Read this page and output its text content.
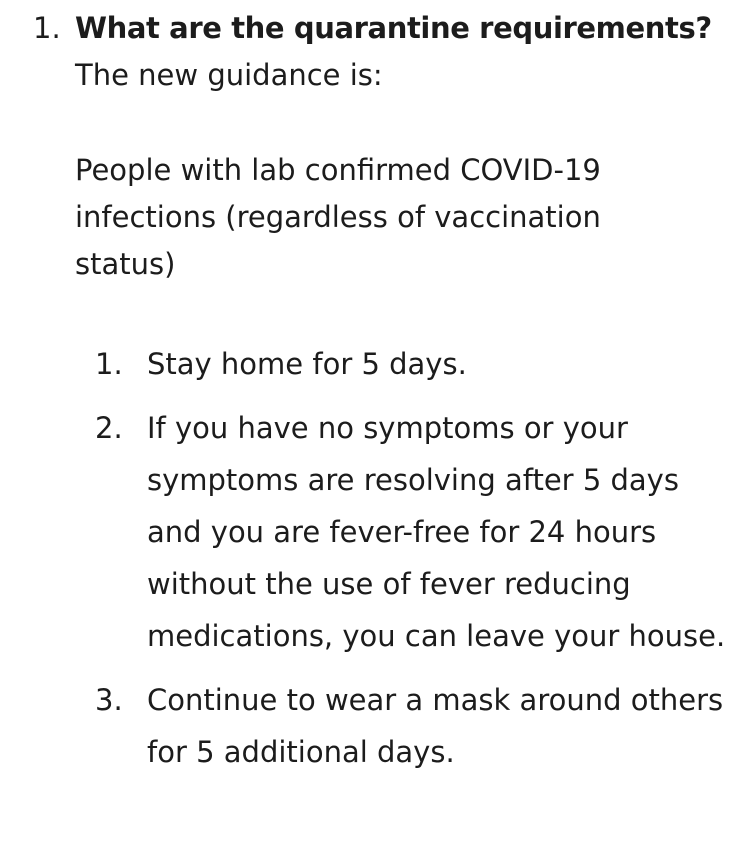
1. What are the quarantine requirements?
The new guidance is:
People with lab confirmed COVID-19 infections (regardless of vaccination status)
1. Stay home for 5 days.
2. If you have no symptoms or your symptoms are resolving after 5 days and you are fever-free for 24 hours without the use of fever reducing medications, you can leave your house.
3. Continue to wear a mask around others for 5 additional days.
